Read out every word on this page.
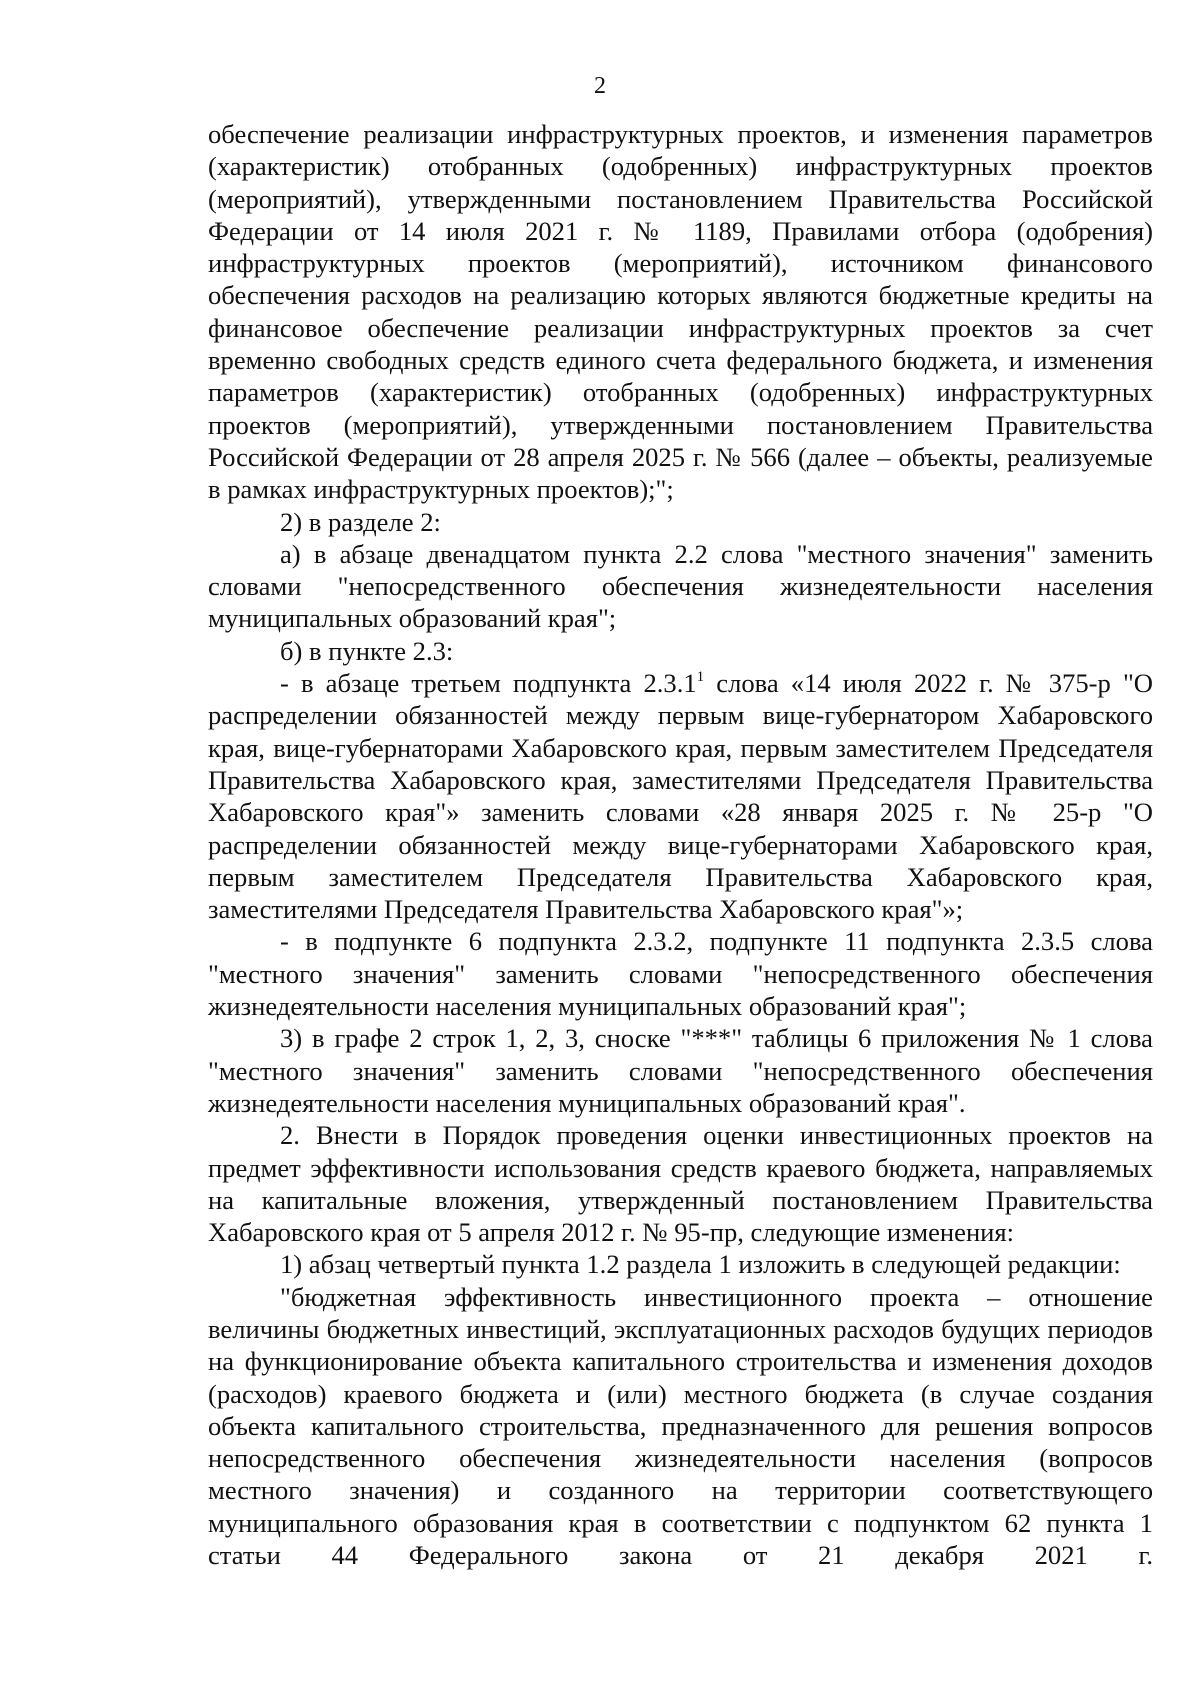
2

обеспечение реализации инфраструктурных проектов, и изменения параметров (характеристик) отобранных (одобренных) инфраструктурных проектов (мероприятий), утвержденными постановлением Правительства Российской Федерации от 14 июля 2021 г. № 1189, Правилами отбора (одобрения) инфраструктурных проектов (мероприятий), источником финансового обеспечения расходов на реализацию которых являются бюджетные кредиты на финансовое обеспечение реализации инфраструктурных проектов за счет временно свободных средств единого счета федерального бюджета, и изменения параметров (характеристик) отобранных (одобренных) инфраструктурных проектов (мероприятий), утвержденными постановлением Правительства Российской Федерации от 28 апреля 2025 г. № 566 (далее – объекты, реализуемые в рамках инфраструктурных проектов);";

2) в разделе 2:

а) в абзаце двенадцатом пункта 2.2 слова "местного значения" заменить словами "непосредственного обеспечения жизнедеятельности населения муниципальных образований края";

б) в пункте 2.3:

- в абзаце третьем подпункта 2.3.1$^1$ слова «14 июля 2022 г. № 375-р "О распределении обязанностей между первым вице-губернатором Хабаровского края, вице-губернаторами Хабаровского края, первым заместителем Председателя Правительства Хабаровского края, заместителями Председателя Правительства Хабаровского края"» заменить словами «28 января 2025 г. № 25-р "О распределении обязанностей между вице-губернаторами Хабаровского края, первым заместителем Председателя Правительства Хабаровского края, заместителями Председателя Правительства Хабаровского края"»;

- в подпункте 6 подпункта 2.3.2, подпункте 11 подпункта 2.3.5 слова "местного значения" заменить словами "непосредственного обеспечения жизнедеятельности населения муниципальных образований края";

3) в графе 2 строк 1, 2, 3, сноске "***" таблицы 6 приложения № 1 слова "местного значения" заменить словами "непосредственного обеспечения жизнедеятельности населения муниципальных образований края".

2. Внести в Порядок проведения оценки инвестиционных проектов на предмет эффективности использования средств краевого бюджета, направляемых на капитальные вложения, утвержденный постановлением Правительства Хабаровского края от 5 апреля 2012 г. № 95-пр, следующие изменения:

1) абзац четвертый пункта 1.2 раздела 1 изложить в следующей редакции:

"бюджетная эффективность инвестиционного проекта – отношение величины бюджетных инвестиций, эксплуатационных расходов будущих периодов на функционирование объекта капитального строительства и изменения доходов (расходов) краевого бюджета и (или) местного бюджета (в случае создания объекта капитального строительства, предназначенного для решения вопросов непосредственного обеспечения жизнедеятельности населения (вопросов местного значения) и созданного на территории соответствующего муниципального образования края в соответствии с подпунктом 62 пункта 1 статьи 44 Федерального закона от 21 декабря 2021 г.
